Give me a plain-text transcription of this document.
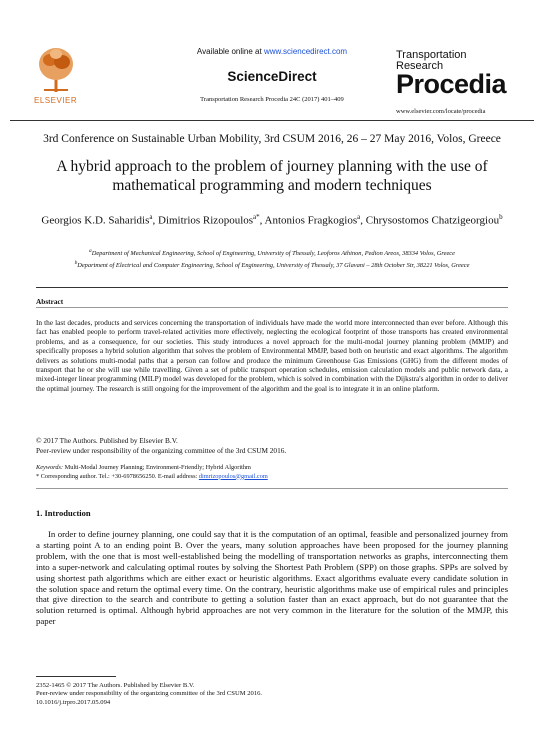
ELSEVIER
Available online at www.sciencedirect.com
ScienceDirect
Transportation Research Procedia 24C (2017) 401–409
Transportation
Research
Procedia
www.elsevier.com/locate/procedia
3rd Conference on Sustainable Urban Mobility, 3rd CSUM 2016, 26 – 27 May 2016, Volos, Greece
A hybrid approach to the problem of journey planning with the use of mathematical programming and modern techniques
Georgios K.D. Saharidis$^a$, Dimitrios Rizopoulos$^{a*}$, Antonios Fragkogios$^a$, Chrysostomos Chatzigeorgiou$^b$
$^a$Department of Mechanical Engineering, School of Engineering, University of Thessaly, Leoforos Athinon, Pedion Areos, 38334 Volos, Greece
$^b$Department of Electrical and Computer Engineering, School of Engineering, University of Thessaly, 37 Glavani – 28th October Str, 38221 Volos, Greece
Abstract
In the last decades, products and services concerning the transportation of individuals have made the world more interconnected than ever before. Although this fact has enabled people to perform travel-related activities more effectively, neglecting the ecological footprint of those transports has created environmental problems, and as a consequence, for our societies. This study introduces a novel approach for the multi-modal journey planning problem (MMJP) and specifically proposes a hybrid solution algorithm that solves the problem of Environmental MMJP, based both on heuristic and exact algorithms. The algorithm delivers as solutions multi-modal paths that a person can follow and produce the minimum Greenhouse Gas Emissions (GHG) from the different modes of transport that he or she will use while travelling. Given a set of public transport operation schedules, emission calculation models and public network data, a mixed-integer linear programming (MILP) model was developed for the problem, which is solved in combination with the Dijkstra's algorithm in order to deliver the optimal journey. The research is still ongoing for the improvement of the algorithm and the goal is to integrate it in an online platform.
© 2017 The Authors. Published by Elsevier B.V.
Peer-review under responsibility of the organizing committee of the 3rd CSUM 2016.
Keywords: Multi-Modal Journey Planning; Environment-Friendly; Hybrid Algorithm
* Corresponding author. Tel.: +30-6978656250. E-mail address: dimrizopoulos@gmail.com
1. Introduction
In order to define journey planning, one could say that it is the computation of an optimal, feasible and personalized journey from a starting point A to an ending point B. Over the years, many solution approaches have been proposed for the journey planning problem, with the one that is most well-established being the modelling of transportation networks as graphs, interconnecting them into a super-network and calculating optimal routes by solving the Shortest Path Problem (SPP) on those graphs. SPPs are solved by using shortest path algorithms which are either exact or heuristic algorithms. Exact algorithms evaluate every candidate solution in the solution space and return the optimal every time. On the contrary, heuristic algorithms make use of empirical rules and principles that give direction to the search and contribute to getting a solution faster than an exact approach, but do not guarantee that the solution returned is optimal. Although hybrid approaches are not very common in the literature for the solution of the MMJP, this paper
2352-1465 © 2017 The Authors. Published by Elsevier B.V.
Peer-review under responsibility of the organizing committee of the 3rd CSUM 2016.
10.1016/j.trpro.2017.05.094
